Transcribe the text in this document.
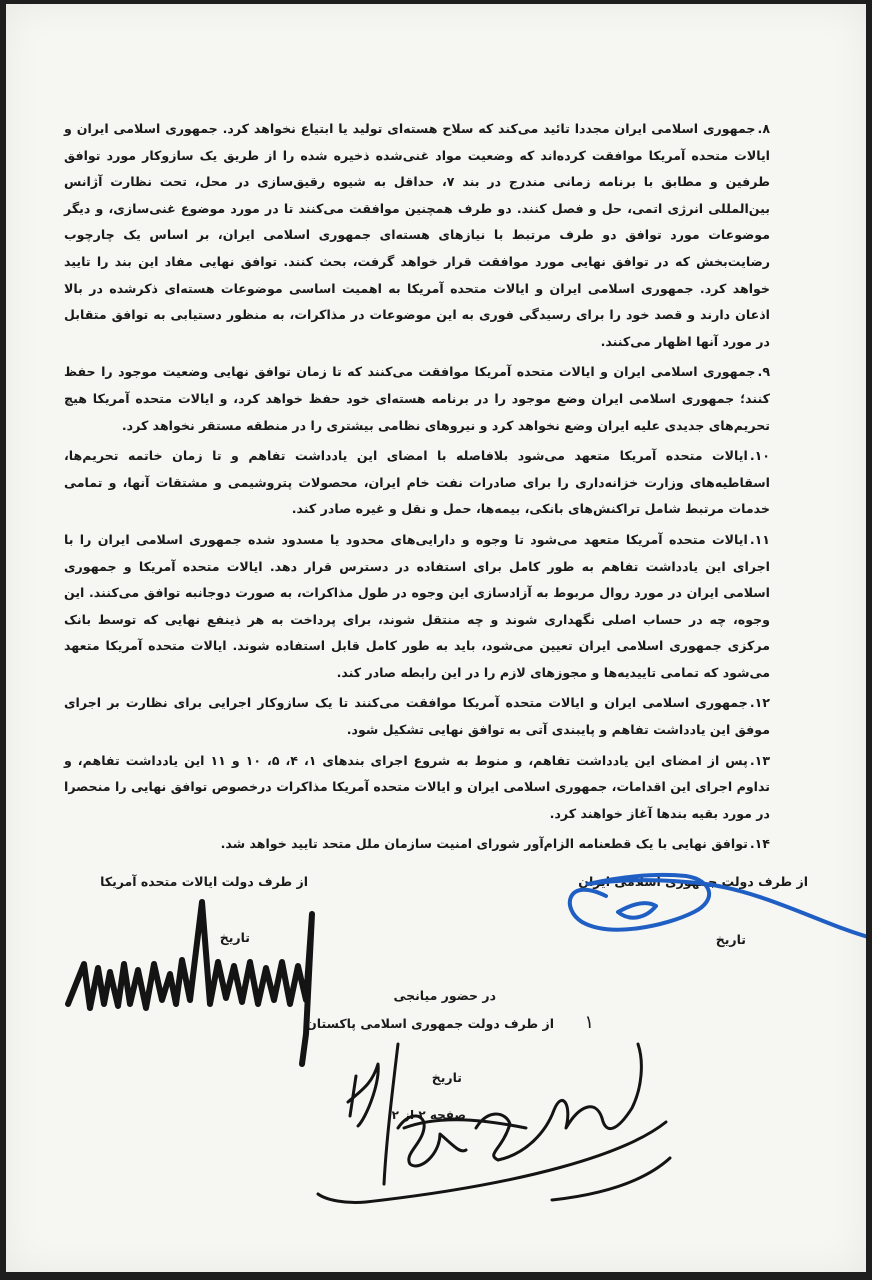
۸.جمهوری اسلامی ایران مجددا تائید می‌کند که سلاح هسته‌ای تولید یا ابتیاع نخواهد کرد. جمهوری اسلامی ایران و ایالات متحده آمریکا موافقت کرده‌اند که وضعیت مواد غنی‌شده ذخیره شده را از طریق یک سازوکار مورد توافق طرفین و مطابق با برنامه زمانی مندرج در بند ۷، حداقل به شیوه رقیق‌سازی در محل، تحت نظارت آژانس بین‌المللی انرژی اتمی، حل و فصل کنند. دو طرف همچنین موافقت می‌کنند تا در مورد موضوع غنی‌سازی، و دیگر موضوعات مورد توافق دو طرف مرتبط با نیازهای هسته‌ای جمهوری اسلامی ایران، بر اساس یک چارچوب رضایت‌بخش که در توافق نهایی مورد موافقت قرار خواهد گرفت، بحث کنند. توافق نهایی مفاد این بند را تایید خواهد کرد. جمهوری اسلامی ایران و ایالات متحده آمریکا به اهمیت اساسی موضوعات هسته‌ای ذکرشده در بالا اذعان دارند و قصد خود را برای رسیدگی فوری به این موضوعات در مذاکرات، به منظور دستیابی به توافق متقابل در مورد آنها اظهار می‌کنند.

۹.جمهوری اسلامی ایران و ایالات متحده آمریکا موافقت می‌کنند که تا زمان توافق نهایی وضعیت موجود را حفظ کنند؛ جمهوری اسلامی ایران وضع موجود را در برنامه هسته‌ای خود حفظ خواهد کرد، و ایالات متحده آمریکا هیچ تحریم‌های جدیدی علیه ایران وضع نخواهد کرد و نیروهای نظامی بیشتری را در منطقه مستقر نخواهد کرد.

۱۰.ایالات متحده آمریکا متعهد می‌شود بلافاصله با امضای این یادداشت تفاهم و تا زمان خاتمه تحریم‌ها، اسقاطیه‌های وزارت خزانه‌داری را برای صادرات نفت خام ایران، محصولات پتروشیمی و مشتقات آنها، و تمامی خدمات مرتبط شامل تراکنش‌های بانکی، بیمه‌ها، حمل و نقل و غیره صادر کند.

۱۱.ایالات متحده آمریکا متعهد می‌شود تا وجوه و دارایی‌های محدود یا مسدود شده جمهوری اسلامی ایران را با اجرای این یادداشت تفاهم به طور کامل برای استفاده در دسترس قرار دهد. ایالات متحده آمریکا و جمهوری اسلامی ایران در مورد روال مربوط به آزادسازی این وجوه در طول مذاکرات، به صورت دوجانبه توافق می‌کنند. این وجوه، چه در حساب اصلی نگهداری شوند و چه منتقل شوند، برای پرداخت به هر ذینفع نهایی که توسط بانک مرکزی جمهوری اسلامی ایران تعیین می‌شود، باید به طور کامل قابل استفاده شوند. ایالات متحده آمریکا متعهد می‌شود که تمامی تاییدیه‌ها و مجوزهای لازم را در این رابطه صادر کند.

۱۲.جمهوری اسلامی ایران و ایالات متحده آمریکا موافقت می‌کنند تا یک سازوکار اجرایی برای نظارت بر اجرای موفق این یادداشت تفاهم و پایبندی آتی به توافق نهایی تشکیل شود.

۱۳.پس از امضای این یادداشت تفاهم، و منوط به شروع اجرای بندهای ۱، ۴، ۵، ۱۰ و ۱۱ این یادداشت تفاهم، و تداوم اجرای این اقدامات، جمهوری اسلامی ایران و ایالات متحده آمریکا مذاکرات درخصوص توافق نهایی را منحصرا در مورد بقیه بندها آغاز خواهند کرد.

۱۴.توافق نهایی با یک قطعنامه الزام‌آور شورای امنیت سازمان ملل متحد تایید خواهد شد.

از طرف دولت ایالات متحده آمریکا
تاریخ
از طرف دولت جمهوری اسلامی ایران
تاریخ
در حضور میانجی
از طرف دولت جمهوری اسلامی پاکستان ۱
تاریخ
صفحه ۲ از ۲
